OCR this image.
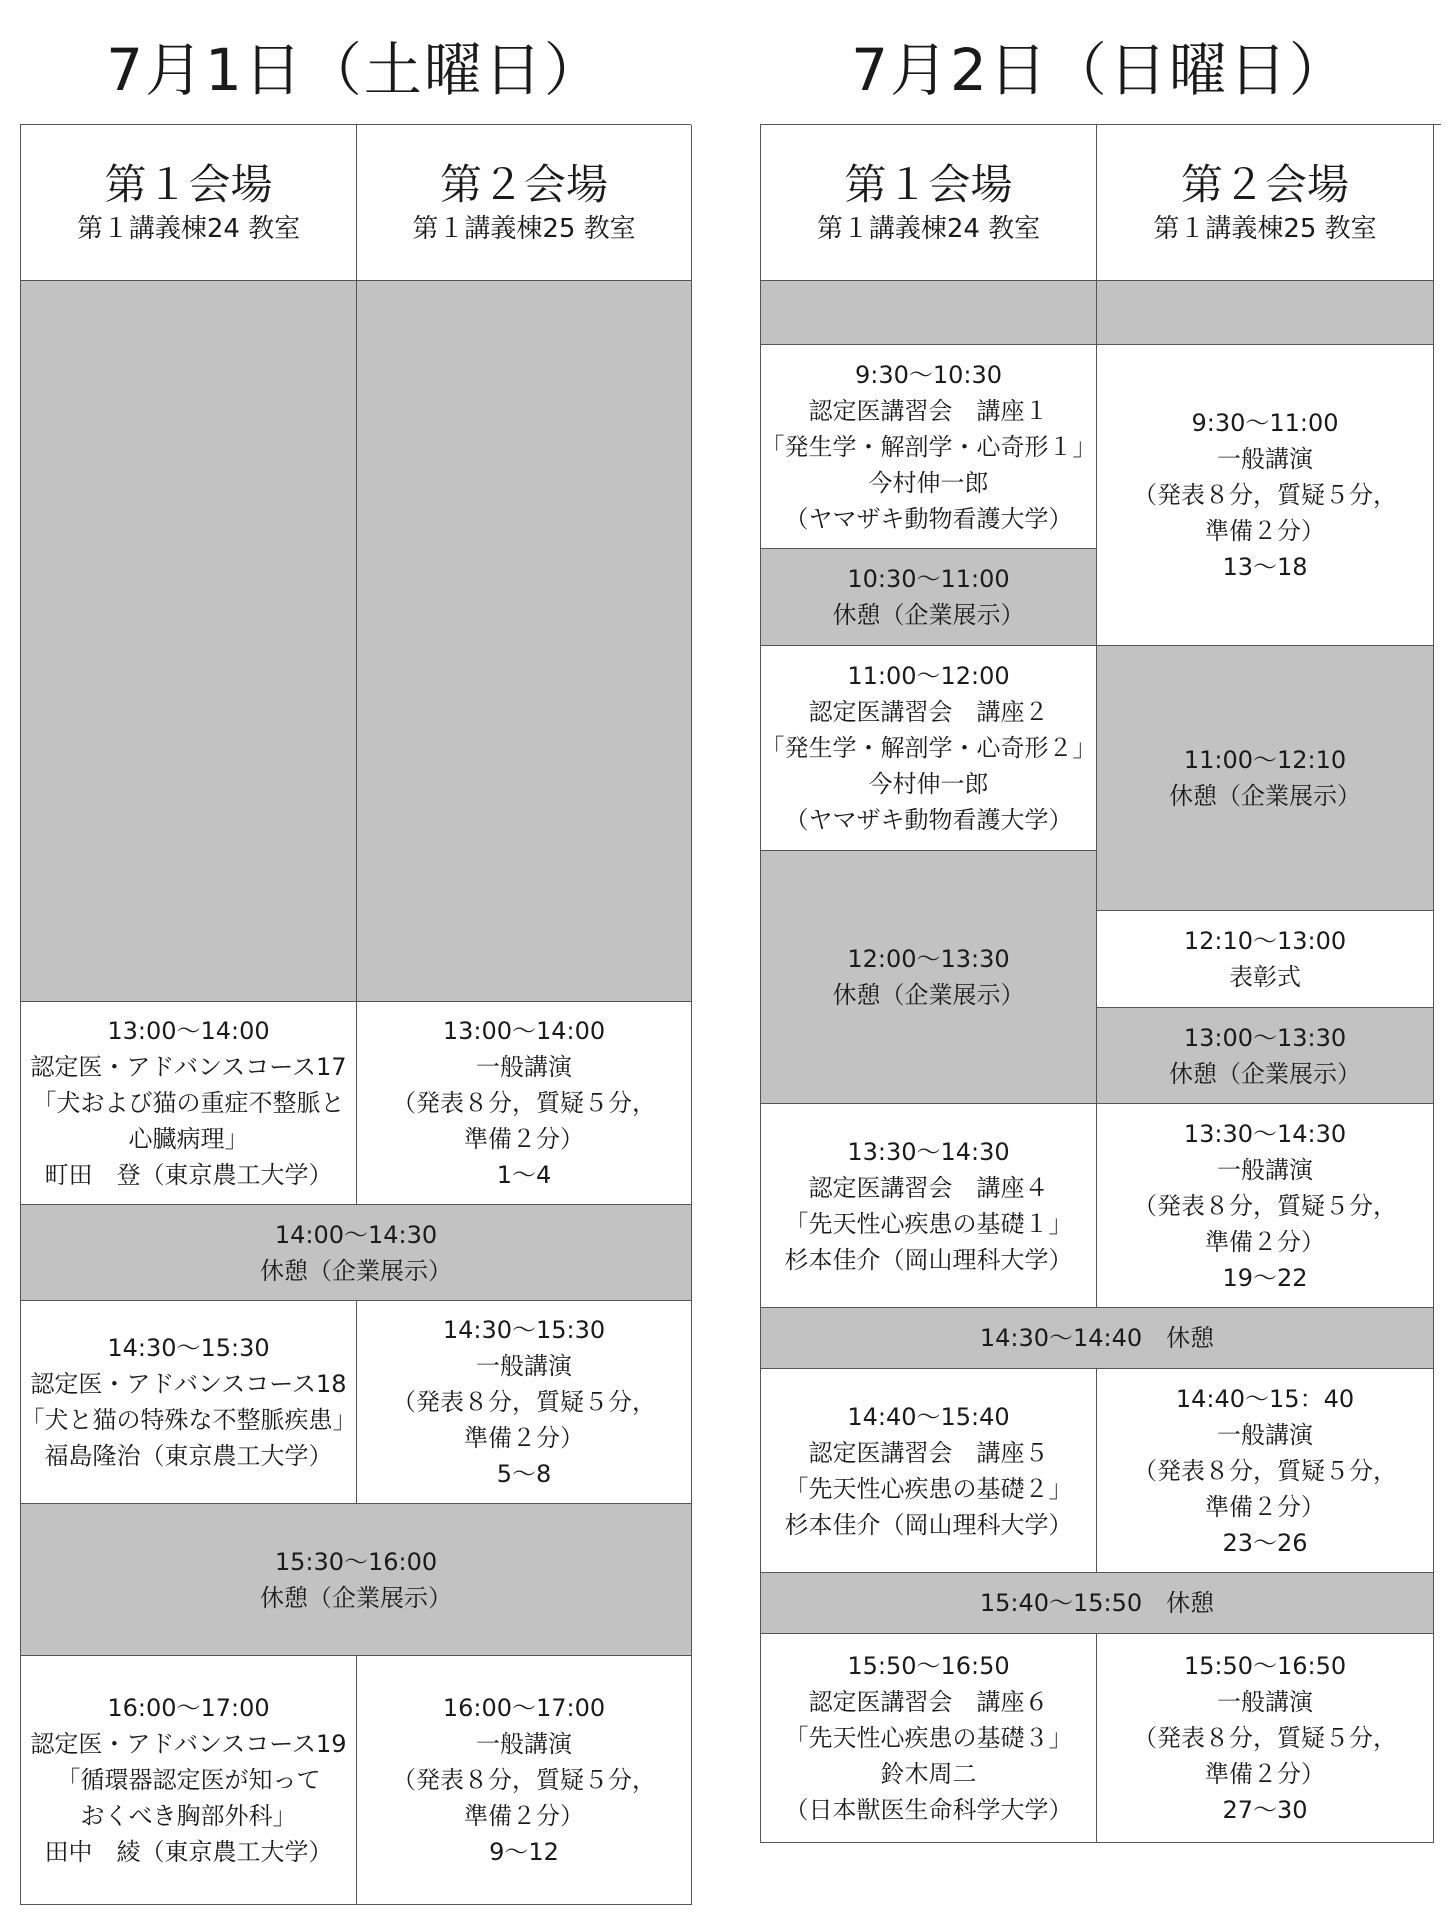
7月1日（土曜日）	7月2日（日曜日）
第１会場
第１講義棟24 教室
第２会場
第１講義棟25 教室
13:00〜14:00
認定医・アドバンスコース17
「犬および猫の重症不整脈と
心臓病理」
町田　登（東京農工大学）
13:00〜14:00
一般講演
（発表８分，質疑５分，
準備２分）
1〜4
14:00〜14:30
休憩（企業展示）
14:30〜15:30
認定医・アドバンスコース18
「犬と猫の特殊な不整脈疾患」
福島隆治（東京農工大学）
14:30〜15:30
一般講演
（発表８分，質疑５分，
準備２分）
5〜8
15:30〜16:00
休憩（企業展示）
16:00〜17:00
認定医・アドバンスコース19
「循環器認定医が知って
おくべき胸部外科」
田中　綾（東京農工大学）
16:00〜17:00
一般講演
（発表８分，質疑５分，
準備２分）
9〜12
第１会場
第１講義棟24 教室
第２会場
第１講義棟25 教室
9:30〜10:30
認定医講習会　講座１
「発生学・解剖学・心奇形１」
今村伸一郎
（ヤマザキ動物看護大学）
9:30〜11:00
一般講演
（発表８分，質疑５分，
準備２分）
13〜18
10:30〜11:00
休憩（企業展示）
11:00〜12:00
認定医講習会　講座２
「発生学・解剖学・心奇形２」
今村伸一郎
（ヤマザキ動物看護大学）
11:00〜12:10
休憩（企業展示）
12:00〜13:30
休憩（企業展示）
12:10〜13:00
表彰式
13:00〜13:30
休憩（企業展示）
13:30〜14:30
認定医講習会　講座４
「先天性心疾患の基礎１」
杉本佳介（岡山理科大学）
13:30〜14:30
一般講演
（発表８分，質疑５分，
準備２分）
19〜22
14:30〜14:40　休憩
14:40〜15:40
認定医講習会　講座５
「先天性心疾患の基礎２」
杉本佳介（岡山理科大学）
14:40〜15：40
一般講演
（発表８分，質疑５分，
準備２分）
23〜26
15:40〜15:50　休憩
15:50〜16:50
認定医講習会　講座６
「先天性心疾患の基礎３」
鈴木周二
（日本獣医生命科学大学）
15:50〜16:50
一般講演
（発表８分，質疑５分，
準備２分）
27〜30
